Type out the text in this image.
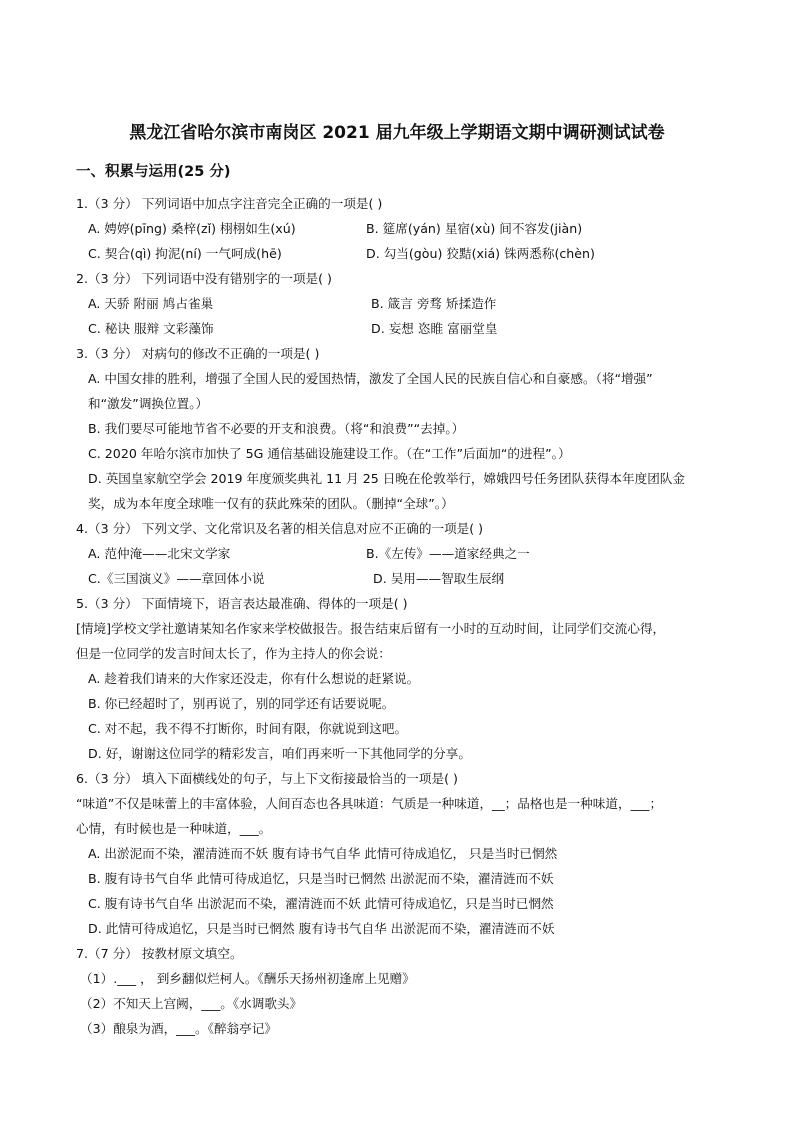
黑龙江省哈尔滨市南岗区 2021 届九年级上学期语文期中调研测试试卷
一、积累与运用(25 分)
1.（3 分） 下列词语中加点字注音完全正确的一项是( )
A. 娉婷(pīng) 桑梓(zǐ) 栩栩如生(xú)	B. 筵席(yán) 星宿(xù) 间不容发(jiàn)
C. 契合(qì) 拘泥(ní) 一气呵成(hē)	D. 勾当(gòu) 狡黠(xiá) 铢两悉称(chèn)
2.（3 分） 下列词语中没有错别字的一项是( )
A. 天骄 附丽 鸠占雀巢	B. 箴言 旁骛 矫揉造作
C. 秘诀 服辩 文彩藻饰	D. 妄想 恣睢 富丽堂皇
3.（3 分） 对病句的修改不正确的一项是( )
A. 中国女排的胜利，增强了全国人民的爱国热情，激发了全国人民的民族自信心和自豪感。（将“增强”
和“激发”调换位置。）
B. 我们要尽可能地节省不必要的开支和浪费。（将“和浪费”“去掉。）
C. 2020 年哈尔滨市加快了 5G 通信基础设施建设工作。（在“工作”后面加“的进程”。）
D. 英国皇家航空学会 2019 年度颁奖典礼 11 月 25 日晚在伦敦举行，嫦娥四号任务团队获得本年度团队金
奖，成为本年度全球唯一仅有的获此殊荣的团队。（删掉“全球”。）
4.（3 分） 下列文学、文化常识及名著的相关信息对应不正确的一项是( )
A. 范仲淹——北宋文学家	B.《左传》——道家经典之一
C.《三国演义》——章回体小说	D. 吴用——智取生辰纲
5.（3 分） 下面情境下，语言表达最准确、得体的一项是( )
[情境]学校文学社邀请某知名作家来学校做报告。报告结束后留有一小时的互动时间，让同学们交流心得，
但是一位同学的发言时间太长了，作为主持人的你会说：
A. 趁着我们请来的大作家还没走，你有什么想说的赶紧说。
B. 你已经超时了，别再说了，别的同学还有话要说呢。
C. 对不起，我不得不打断你，时间有限，你就说到这吧。
D. 好，谢谢这位同学的精彩发言，咱们再来听一下其他同学的分享。
6.（3 分） 填入下面横线处的句子，与上下文衔接最恰当的一项是( )
“味道”不仅是味蕾上的丰富体验，人间百态也各具味道：气质是一种味道，__；品格也是一种味道，___；
心情，有时候也是一种味道，___。
A. 出淤泥而不染，濯清涟而不妖 腹有诗书气自华 此情可待成追忆， 只是当时已惘然
B. 腹有诗书气自华 此情可待成追忆，只是当时已惘然 出淤泥而不染，濯清涟而不妖
C. 腹有诗书气自华 出淤泥而不染，濯清涟而不妖 此情可待成追忆，只是当时已惘然
D. 此情可待成追忆，只是当时已惘然 腹有诗书气自华 出淤泥而不染，濯清涟而不妖
7.（7 分） 按教材原文填空。
（1）.___ ， 到乡翻似烂柯人。《酬乐天扬州初逢席上见赠》
（2）不知天上宫阙，___。《水调歌头》
（3）酿泉为酒，___。《醉翁亭记》
